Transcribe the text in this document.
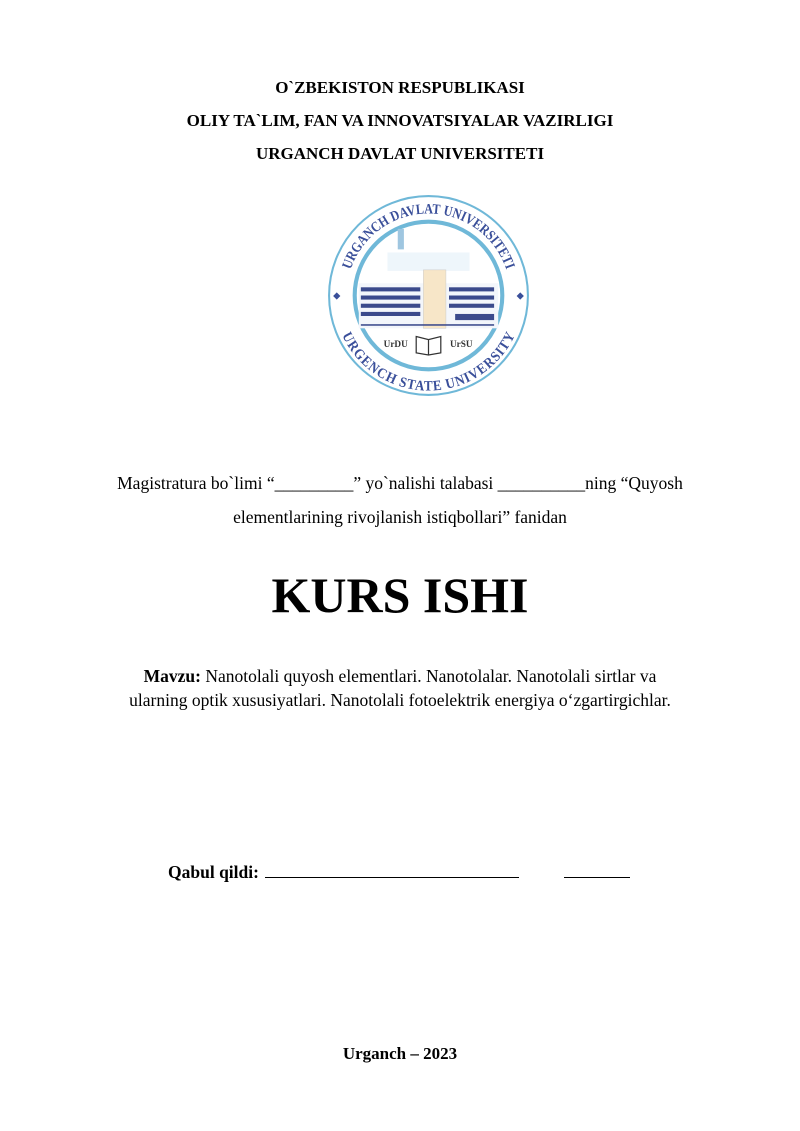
O`ZBEKISTON RESPUBLIKASI
OLIY TA`LIM, FAN VA INNOVATSIYALAR VAZIRLIGI
URGANCH DAVLAT UNIVERSITETI
URGANCH DAVLAT UNIVERSITETI
URGENCH STATE UNIVERSITY
UrDU	UrSU
Magistratura bo`limi “_________” yo`nalishi talabasi __________ning “Quyosh
elementlarining rivojlanish istiqbollari” fanidan
KURS ISHI
Mavzu: Nanotolali quyosh elementlari. Nanotolalar. Nanotolali sirtlar va
ularning optik xususiyatlari. Nanotolali fotoelektrik energiya o‘zgartirgichlar.
Qabul qildi:
Urganch – 2023
